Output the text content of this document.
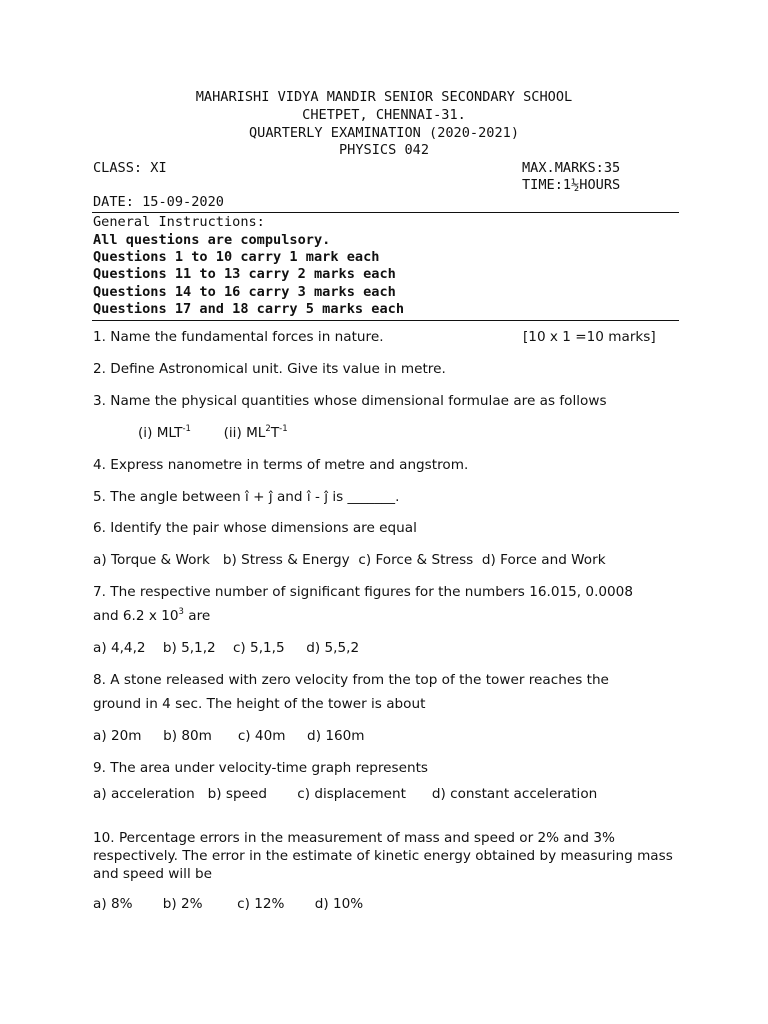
MAHARISHI VIDYA MANDIR SENIOR SECONDARY SCHOOL
CHETPET, CHENNAI-31.
QUARTERLY EXAMINATION (2020-2021)
PHYSICS 042
CLASS: XI	MAX.MARKS:35
TIME:1½HOURS
DATE: 15-09-2020
General Instructions:
All questions are compulsory.
Questions 1 to 10 carry 1 mark each
Questions 11 to 13 carry 2 marks each
Questions 14 to 16 carry 3 marks each
Questions 17 and 18 carry 5 marks each
1. Name the fundamental forces in nature.	[10 x 1 =10 marks]
2. Define Astronomical unit. Give its value in metre.
3. Name the physical quantities whose dimensional formulae are as follows
(i) $MLT^{-1}$ (ii) $ML^2T^{-1}$
4. Express nanometre in terms of metre and angstrom.
5. The angle between î + ĵ and î - ĵ is _______.
6. Identify the pair whose dimensions are equal
a) Torque & Work   b) Stress & Energy  c) Force & Stress  d) Force and Work
7. The respective number of significant figures for the numbers 16.015, 0.0008
and 6.2 x $10^3$ are
a) 4,4,2    b) 5,1,2    c) 5,1,5     d) 5,5,2
8. A stone released with zero velocity from the top of the tower reaches the
ground in 4 sec. The height of the tower is about
a) 20m     b) 80m      c) 40m     d) 160m
9. The area under velocity-time graph represents
a) acceleration   b) speed       c) displacement      d) constant acceleration
10. Percentage errors in the measurement of mass and speed or 2% and 3% respectively. The error in the estimate of kinetic energy obtained by measuring mass and speed will be
a) 8%       b) 2%        c) 12%       d) 10%
